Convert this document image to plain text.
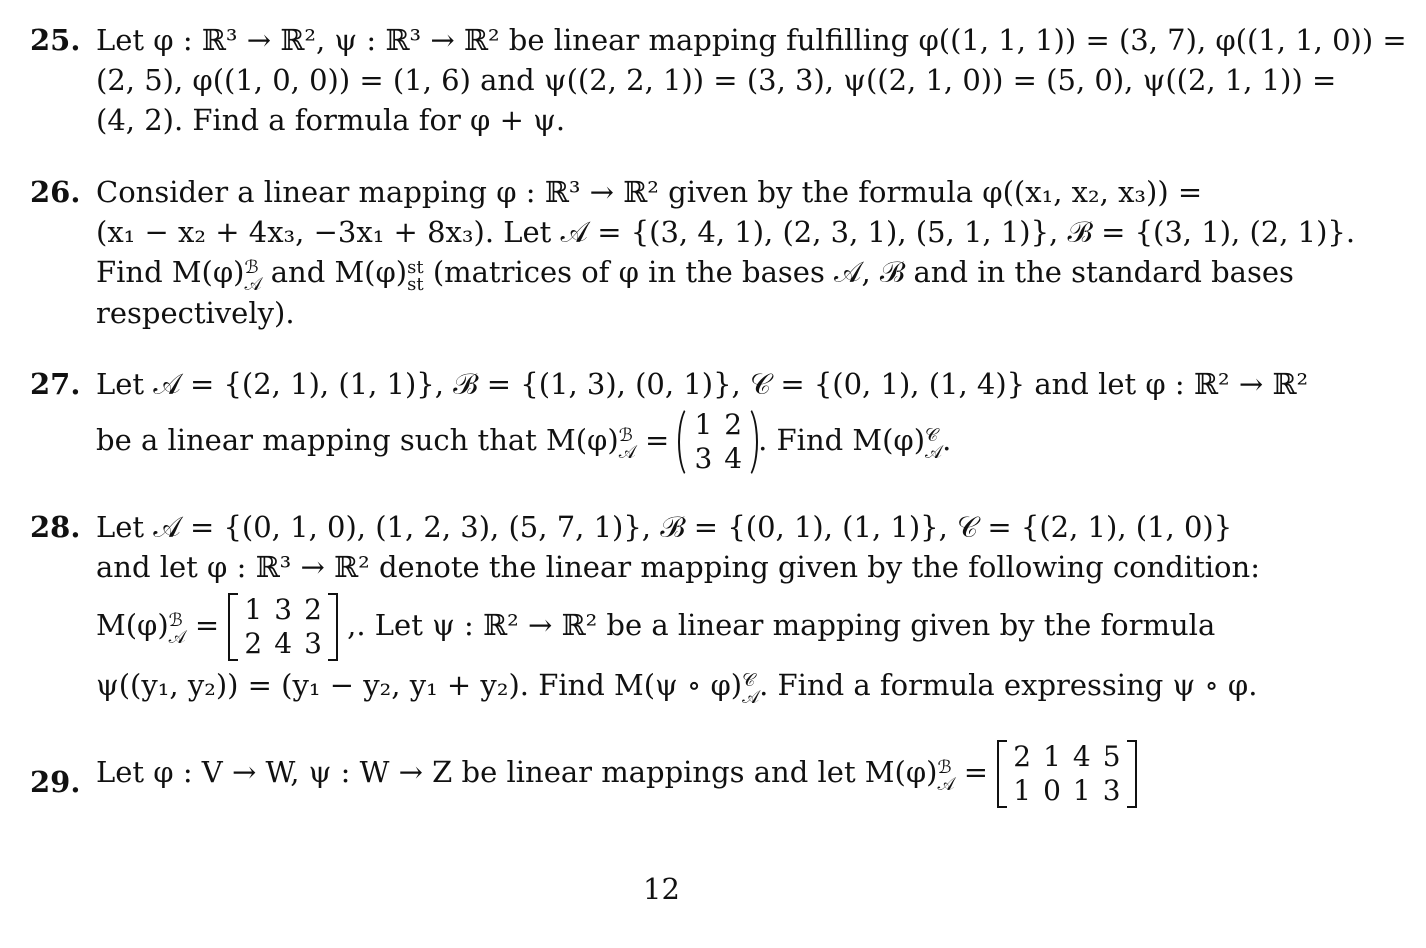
25. Let φ : ℝ³ → ℝ², ψ : ℝ³ → ℝ² be linear mapping fulfilling φ((1, 1, 1)) = (3, 7), φ((1, 1, 0)) =
(2, 5), φ((1, 0, 0)) = (1, 6) and ψ((2, 2, 1)) = (3, 3), ψ((2, 1, 0)) = (5, 0), ψ((2, 1, 1)) =
(4, 2). Find a formula for φ + ψ.
26. Consider a linear mapping φ : ℝ³ → ℝ² given by the formula φ((x₁, x₂, x₃)) =
(x₁ − x₂ + 4x₃, −3x₁ + 8x₃). Let 𝒜 = {(3, 4, 1), (2, 3, 1), (5, 1, 1)}, ℬ = {(3, 1), (2, 1)}.
Find M(φ) ℬ
𝒜 and M(φ) st
st (matrices of φ in the bases 𝒜, ℬ and in the standard bases
respectively).
27. Let 𝒜 = {(2, 1), (1, 1)}, ℬ = {(1, 3), (0, 1)}, 𝒞 = {(0, 1), (1, 4)} and let φ : ℝ² → ℝ²
be a linear mapping such that M(φ) ℬ
𝒜 = 1	2
3	4. Find M(φ) 𝒞
𝒜 .
28. Let 𝒜 = {(0, 1, 0), (1, 2, 3), (5, 7, 1)}, ℬ = {(0, 1), (1, 1)}, 𝒞 = {(2, 1), (1, 0)}
and let φ : ℝ³ → ℝ² denote the linear mapping given by the following condition:
M(φ) ℬ
𝒜 = 1	3	2
2	4	3 ,. Let ψ : ℝ² → ℝ² be a linear mapping given by the formula
ψ((y₁, y₂)) = (y₁ − y₂, y₁ + y₂). Find M(ψ ∘ φ) 𝒞
𝒜 . Find a formula expressing ψ ∘ φ.
29. Let φ : V → W, ψ : W → Z be linear mappings and let M(φ) ℬ
𝒜 = 2	1	4	5
1	0	1	3
12
